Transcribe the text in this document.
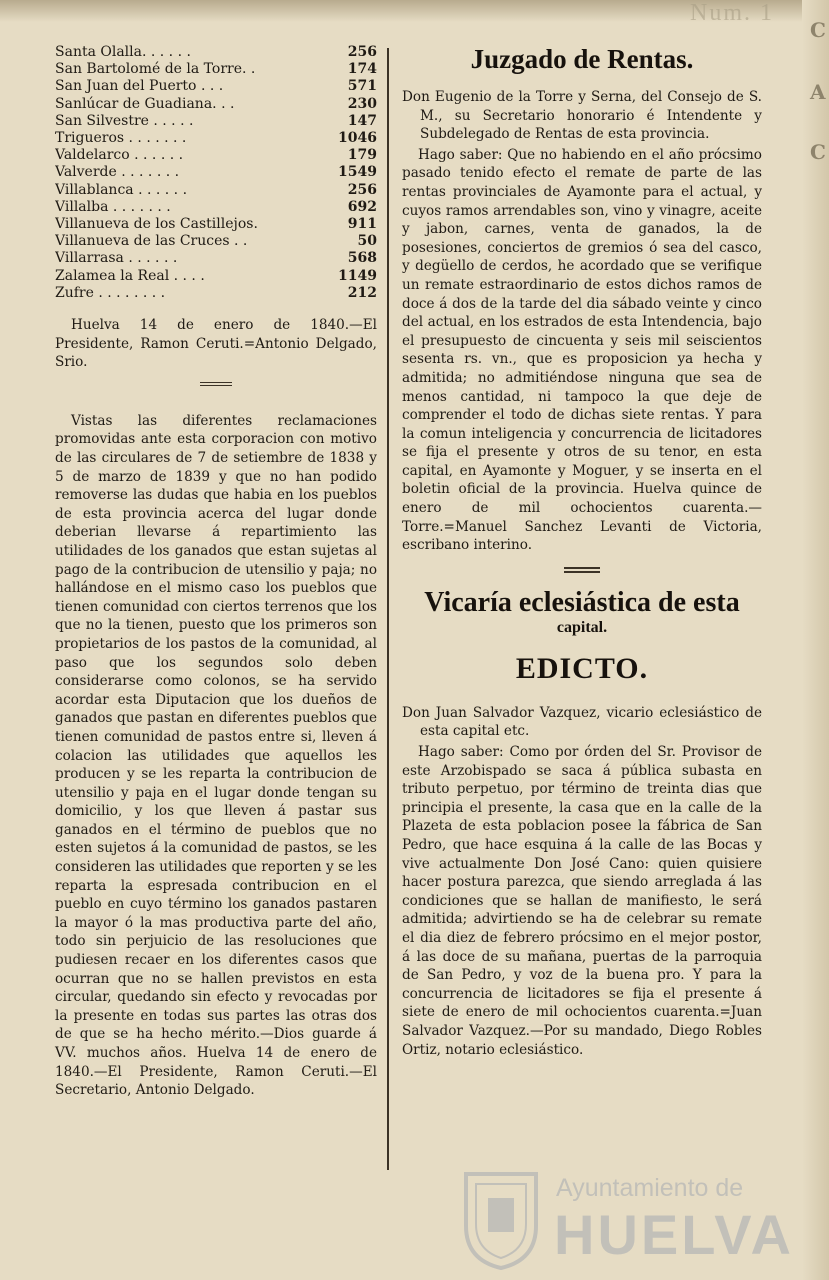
Num. 1
C
A
C
Santa Olalla. . . . . .	256
San Bartolomé de la Torre. .	174
San Juan del Puerto . . .	571
Sanlúcar de Guadiana. . .	230
San Silvestre . . . . .	147
Trigueros . . . . . . .	1046
Valdelarco . . . . . .	179
Valverde . . . . . . .	1549
Villablanca . . . . . .	256
Villalba . . . . . . .	692
Villanueva de los Castillejos.	911
Villanueva de las Cruces . .	50
Villarrasa . . . . . .	568
Zalamea la Real . . . .	1149
Zufre . . . . . . . .	212

Huelva 14 de enero de 1840.—El Presidente, Ramon Ceruti.=Antonio Delgado, Srio.

Vistas las diferentes reclamaciones promovidas ante esta corporacion con motivo de las circulares de 7 de setiembre de 1838 y 5 de marzo de 1839 y que no han podido removerse las dudas que habia en los pueblos de esta provincia acerca del lugar donde deberian llevarse á repartimiento las utilidades de los ganados que estan sujetas al pago de la contribucion de utensilio y paja; no hallándose en el mismo caso los pueblos que tienen comunidad con ciertos terrenos que los que no la tienen, puesto que los primeros son propietarios de los pastos de la comunidad, al paso que los segundos solo deben considerarse como colonos, se ha servido acordar esta Diputacion que los dueños de ganados que pastan en diferentes pueblos que tienen comunidad de pastos entre si, lleven á colacion las utilidades que aquellos les producen y se les reparta la contribucion de utensilio y paja en el lugar donde tengan su domicilio, y los que lleven á pastar sus ganados en el término de pueblos que no esten sujetos á la comunidad de pastos, se les consideren las utilidades que reporten y se les reparta la espresada contribucion en el pueblo en cuyo término los ganados pastaren la mayor ó la mas productiva parte del año, todo sin perjuicio de las resoluciones que pudiesen recaer en los diferentes casos que ocurran que no se hallen previstos en esta circular, quedando sin efecto y revocadas por la presente en todas sus partes las otras dos de que se ha hecho mérito.—Dios guarde á VV. muchos años. Huelva 14 de enero de 1840.—El Presidente, Ramon Ceruti.—El Secretario, Antonio Delgado.

Juzgado de Rentas.

Don Eugenio de la Torre y Serna, del Consejo de S. M., su Secretario honorario é Intendente y Subdelegado de Rentas de esta provincia.

Hago saber: Que no habiendo en el año prócsimo pasado tenido efecto el remate de parte de las rentas provinciales de Ayamonte para el actual, y cuyos ramos arrendables son, vino y vinagre, aceite y jabon, carnes, venta de ganados, la de posesiones, conciertos de gremios ó sea del casco, y degüello de cerdos, he acordado que se verifique un remate estraordinario de estos dichos ramos de doce á dos de la tarde del dia sábado veinte y cinco del actual, en los estrados de esta Intendencia, bajo el presupuesto de cincuenta y seis mil seiscientos sesenta rs. vn., que es proposicion ya hecha y admitida; no admitiéndose ninguna que sea de menos cantidad, ni tampoco la que deje de comprender el todo de dichas siete rentas. Y para la comun inteligencia y concurrencia de licitadores se fija el presente y otros de su tenor, en esta capital, en Ayamonte y Moguer, y se inserta en el boletin oficial de la provincia. Huelva quince de enero de mil ochocientos cuarenta.—Torre.=Manuel Sanchez Levanti de Victoria, escribano interino.

Vicaría eclesiástica de esta
capital.
EDICTO.

Don Juan Salvador Vazquez, vicario eclesiástico de esta capital etc.

Hago saber: Como por órden del Sr. Provisor de este Arzobispado se saca á pública subasta en tributo perpetuo, por término de treinta dias que principia el presente, la casa que en la calle de la Plazeta de esta poblacion posee la fábrica de San Pedro, que hace esquina á la calle de las Bocas y vive actualmente Don José Cano: quien quisiere hacer postura parezca, que siendo arreglada á las condiciones que se hallan de manifiesto, le será admitida; advirtiendo se ha de celebrar su remate el dia diez de febrero prócsimo en el mejor postor, á las doce de su mañana, puertas de la parroquia de San Pedro, y voz de la buena pro. Y para la concurrencia de licitadores se fija el presente á siete de enero de mil ochocientos cuarenta.=Juan Salvador Vazquez.—Por su mandado, Diego Robles Ortiz, notario eclesiástico.

Ayuntamiento de
HUELVA
